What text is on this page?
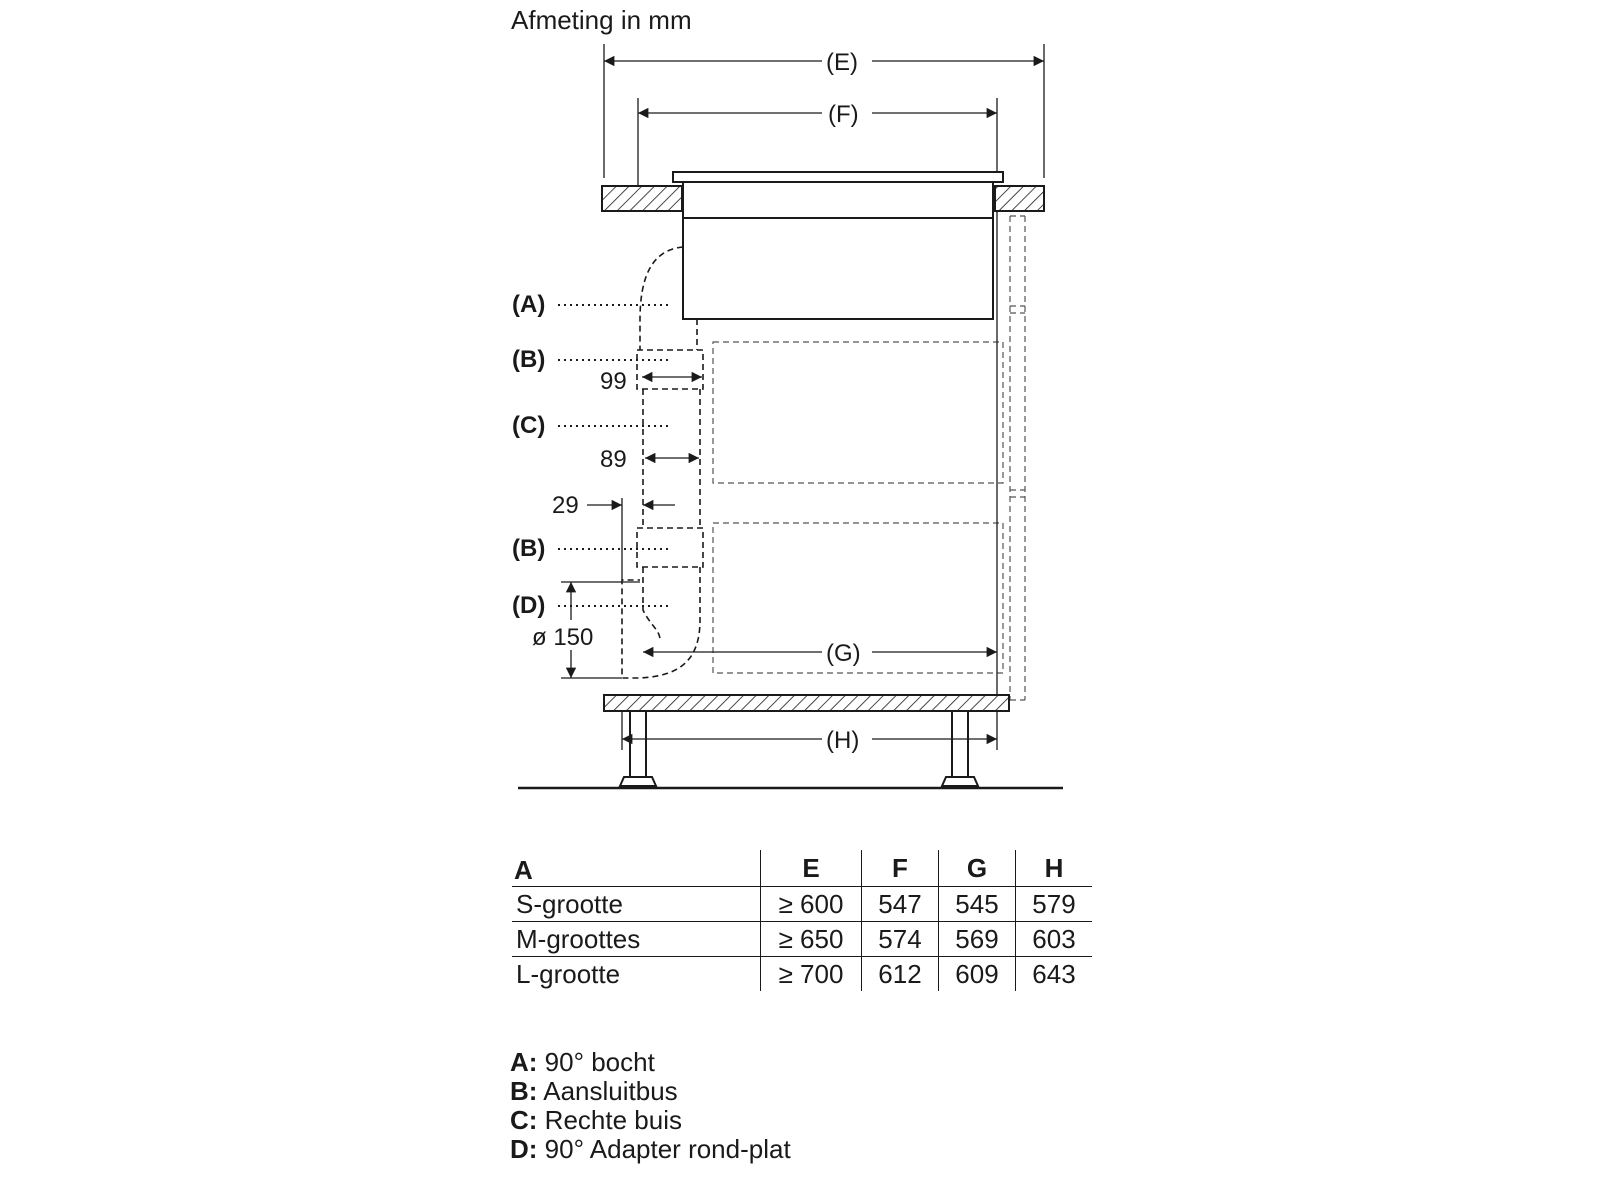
Afmeting in mm
(E)
(F)
(A)
(B)
(C)
(B)
(D)
99
89
29
ø 150
(G)
(H)
A	E	F	G	H
S-grootte	≥ 600	547	545	579
M-groottes	≥ 650	574	569	603
L-grootte	≥ 700	612	609	643
A: 90° bocht
B: Aansluitbus
C: Rechte buis
D: 90° Adapter rond-plat
